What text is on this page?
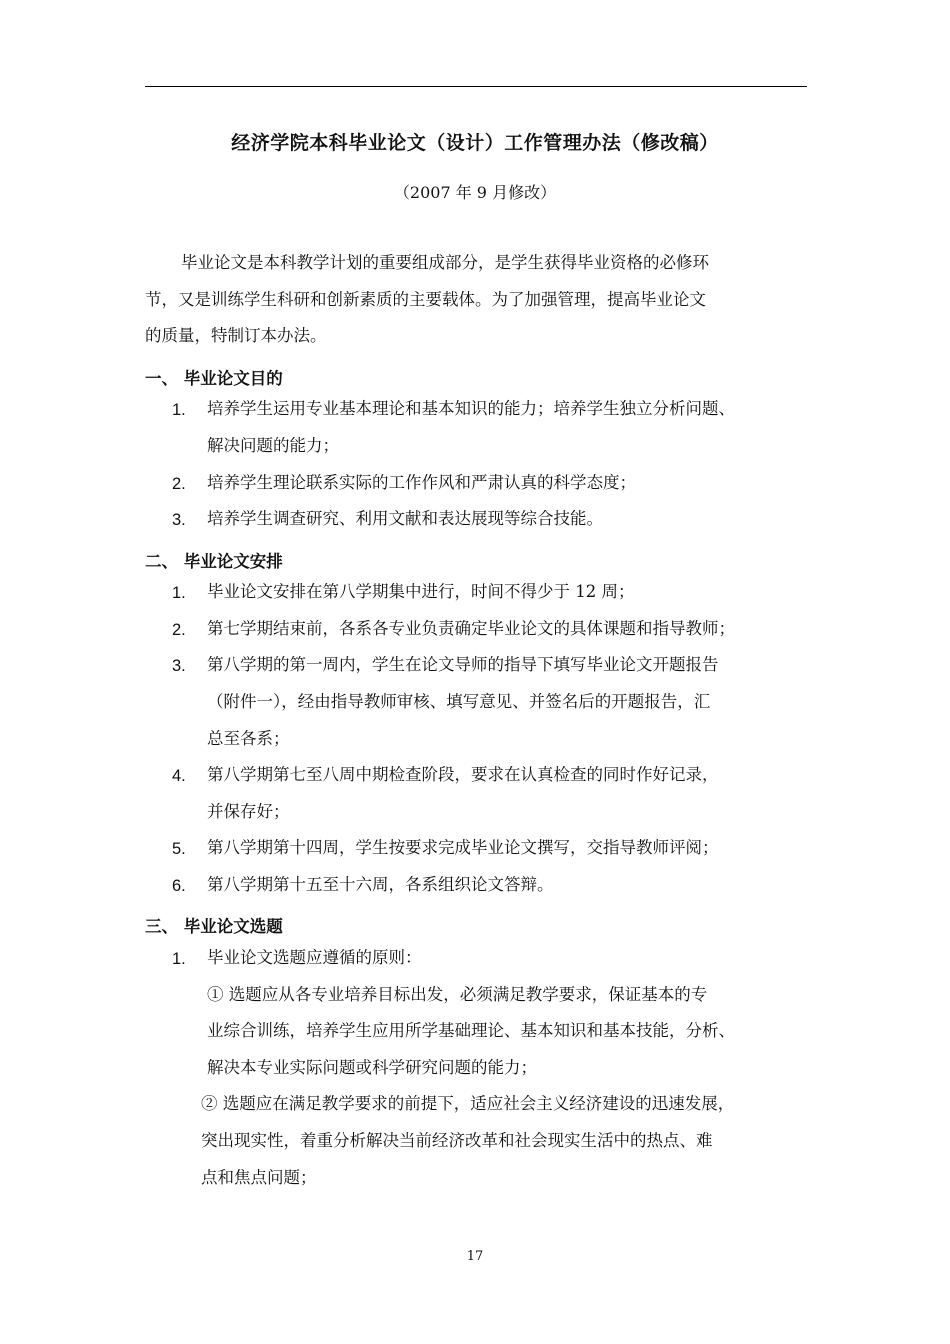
经济学院本科毕业论文（设计）工作管理办法（修改稿）
（2007 年 9 月修改）
毕业论文是本科教学计划的重要组成部分，是学生获得毕业资格的必修环
节，又是训练学生科研和创新素质的主要载体。为了加强管理，提高毕业论文
的质量，特制订本办法。
一、 毕业论文目的
1. 培养学生运用专业基本理论和基本知识的能力；培养学生独立分析问题、
解决问题的能力；
2. 培养学生理论联系实际的工作作风和严肃认真的科学态度；
3. 培养学生调查研究、利用文献和表达展现等综合技能。
二、 毕业论文安排
1. 毕业论文安排在第八学期集中进行，时间不得少于 12 周；
2. 第七学期结束前，各系各专业负责确定毕业论文的具体课题和指导教师；
3. 第八学期的第一周内，学生在论文导师的指导下填写毕业论文开题报告
（附件一），经由指导教师审核、填写意见、并签名后的开题报告，汇
总至各系；
4. 第八学期第七至八周中期检查阶段，要求在认真检查的同时作好记录，
并保存好；
5. 第八学期第十四周，学生按要求完成毕业论文撰写，交指导教师评阅；
6. 第八学期第十五至十六周，各系组织论文答辩。
三、 毕业论文选题
1. 毕业论文选题应遵循的原则：
① 选题应从各专业培养目标出发，必须满足教学要求，保证基本的专
业综合训练，培养学生应用所学基础理论、基本知识和基本技能，分析、
解决本专业实际问题或科学研究问题的能力；
② 选题应在满足教学要求的前提下，适应社会主义经济建设的迅速发展，
突出现实性，着重分析解决当前经济改革和社会现实生活中的热点、难
点和焦点问题；
17
